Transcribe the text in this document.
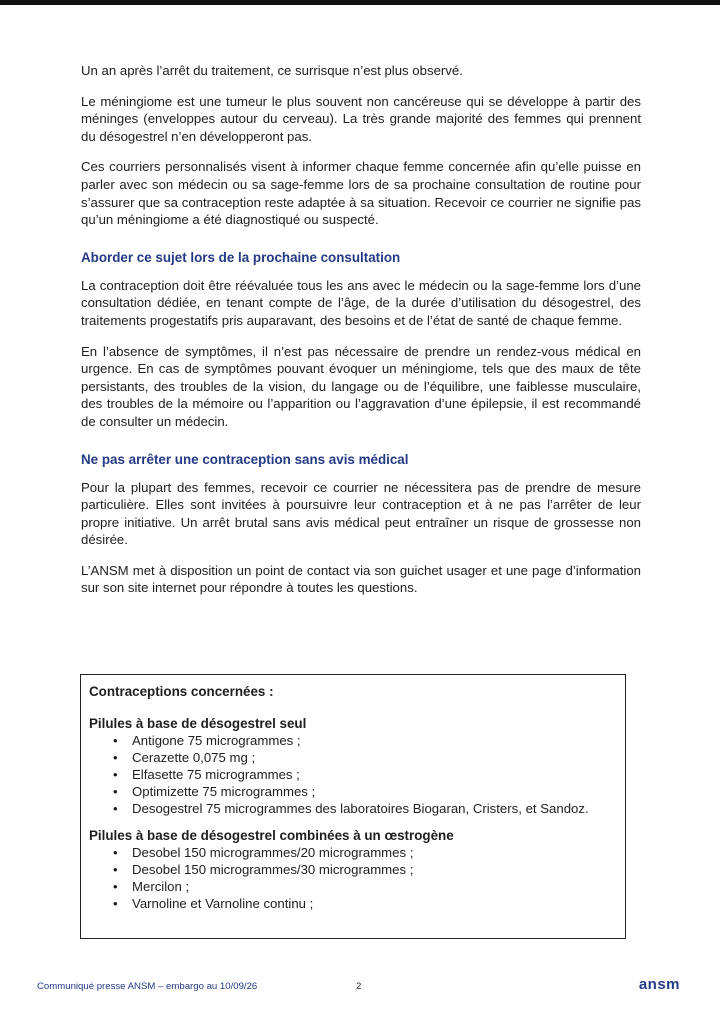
Un an après l’arrêt du traitement, ce surrisque n’est plus observé.

Le méningiome est une tumeur le plus souvent non cancéreuse qui se développe à partir des méninges (enveloppes autour du cerveau). La très grande majorité des femmes qui prennent du désogestrel n’en développeront pas.

Ces courriers personnalisés visent à informer chaque femme concernée afin qu’elle puisse en parler avec son médecin ou sa sage-femme lors de sa prochaine consultation de routine pour s’assurer que sa contraception reste adaptée à sa situation. Recevoir ce courrier ne signifie pas qu’un méningiome a été diagnostiqué ou suspecté.

Aborder ce sujet lors de la prochaine consultation

La contraception doit être réévaluée tous les ans avec le médecin ou la sage-femme lors d’une consultation dédiée, en tenant compte de l’âge, de la durée d’utilisation du désogestrel, des traitements progestatifs pris auparavant, des besoins et de l’état de santé de chaque femme.

En l’absence de symptômes, il n’est pas nécessaire de prendre un rendez-vous médical en urgence. En cas de symptômes pouvant évoquer un méningiome, tels que des maux de tête persistants, des troubles de la vision, du langage ou de l’équilibre, une faiblesse musculaire, des troubles de la mémoire ou l’apparition ou l’aggravation d’une épilepsie, il est recommandé de consulter un médecin.

Ne pas arrêter une contraception sans avis médical

Pour la plupart des femmes, recevoir ce courrier ne nécessitera pas de prendre de mesure particulière. Elles sont invitées à poursuivre leur contraception et à ne pas l’arrêter de leur propre initiative. Un arrêt brutal sans avis médical peut entraîner un risque de grossesse non désirée.

L’ANSM met à disposition un point de contact via son guichet usager et une page d’information sur son site internet pour répondre à toutes les questions.

Contraceptions concernées :
Pilules à base de désogestrel seul
• Antigone 75 microgrammes ;
• Cerazette 0,075 mg ;
• Elfasette 75 microgrammes ;
• Optimizette 75 microgrammes ;
• Desogestrel 75 microgrammes des laboratoires Biogaran, Cristers, et Sandoz.
Pilules à base de désogestrel combinées à un œstrogène
• Desobel 150 microgrammes/20 microgrammes ;
• Desobel 150 microgrammes/30 microgrammes ;
• Mercilon ;
• Varnoline et Varnoline continu ;
Communiqué presse ANSM – embargo au 10/09/26	2	ansm
